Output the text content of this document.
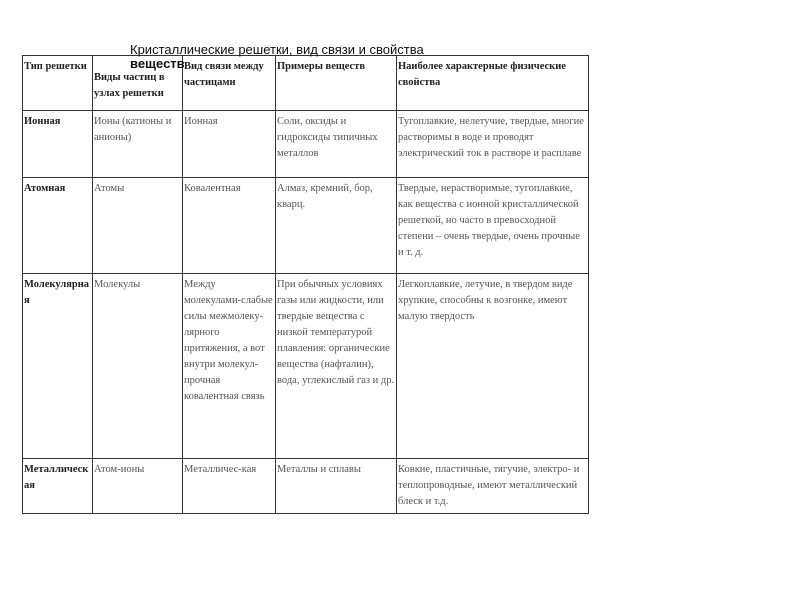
Кристаллические решетки, вид связи и свойства
веществ
Тип решетки	Виды частиц в узлах решетки	Вид связи между частицами	Примеры веществ	Наиболее характерные физические свойства
Ионная	Ионы (катионы и анионы)	Ионная	Соли, оксиды и гидроксиды типичных металлов	Тугоплавкие, нелетучие, твердые, многие растворимы в воде и проводят электрический ток в растворе и расплаве
Атомная	Атомы	Ковалентная	Алмаз, кремний, бор, кварц.	Твердые, нерастворимые, тугоплавкие, как вещества с ионной кристаллической решеткой, но часто в превосходной степени – очень твердые, очень прочные и т. д.
Молекулярная	Молекулы	Между молекулами-слабые силы межмолеку-лярного притяжения, а вот внутри молекул-прочная ковалентная связь	При обычных условиях газы или жидкости, или твердые вещества с низкой температурой плавления: органические вещества (нафталин), вода, углекислый газ и др.	Легкоплавкие, летучие, в твердом виде хрупкие, способны к возгонке, имеют малую твердость
Металлическая	Атом-ионы	Металличес-кая	Металлы и сплавы	Ковкие, пластичные, тягучие, электро- и теплопроводные, имеют металлический блеск и т.д.
